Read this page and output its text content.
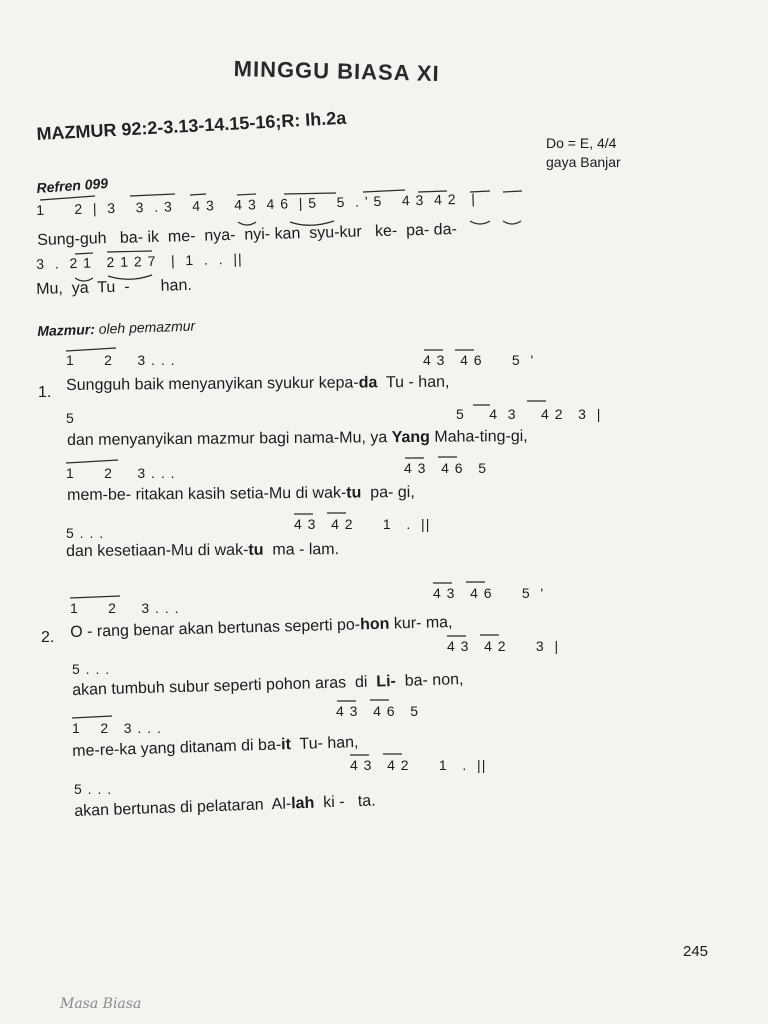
MINGGU BIASA XI
MAZMUR 92:2-3.13-14.15-16;R: Ih.2a	Do = E, 4/4
gaya Banjar
Refren 099
1      2  |  3    3  . 3    4 3    4 3  4 6  | 5    5  . ' 5    4 3  4 2   |
Sung-guh   ba- ik  me-  nya-  nyi- kan  syu-kur   ke-  pa- da-
3  .  2 1   2 1 2 7   |  1  .  .  ||
Mu,  ya  Tu  -       han.
Mazmur: oleh pemazmur
1      2     3 . . .	4 3   4 6      5  '
1. Sungguh baik menyanyikan syukur kepa-da  Tu - han,
5	5     4  3     4 2   3  |
dan menyanyikan mazmur bagi nama-Mu, ya Yang Maha-ting-gi,
1      2     3 . . .	4 3   4 6   5
mem-be- ritakan kasih setia-Mu di wak-tu  pa- gi,
5 . . .
4 3   4 2      1   .  ||
dan kesetiaan-Mu di wak-tu  ma - lam.
1      2     3 . . .
4 3   4 6      5  '
2. O - rang benar akan bertunas seperti po-hon kur- ma,
5 . . .
4 3   4 2      3  |
akan tumbuh subur seperti pohon aras  di  Li-  ba- non,
1    2   3 . . .
4 3   4 6   5
me-re-ka yang ditanam di ba-it  Tu- han,
5 . . .
4 3   4 2      1   .  ||
akan bertunas di pelataran  Al-lah  ki -   ta.
245
Masa Biasa
